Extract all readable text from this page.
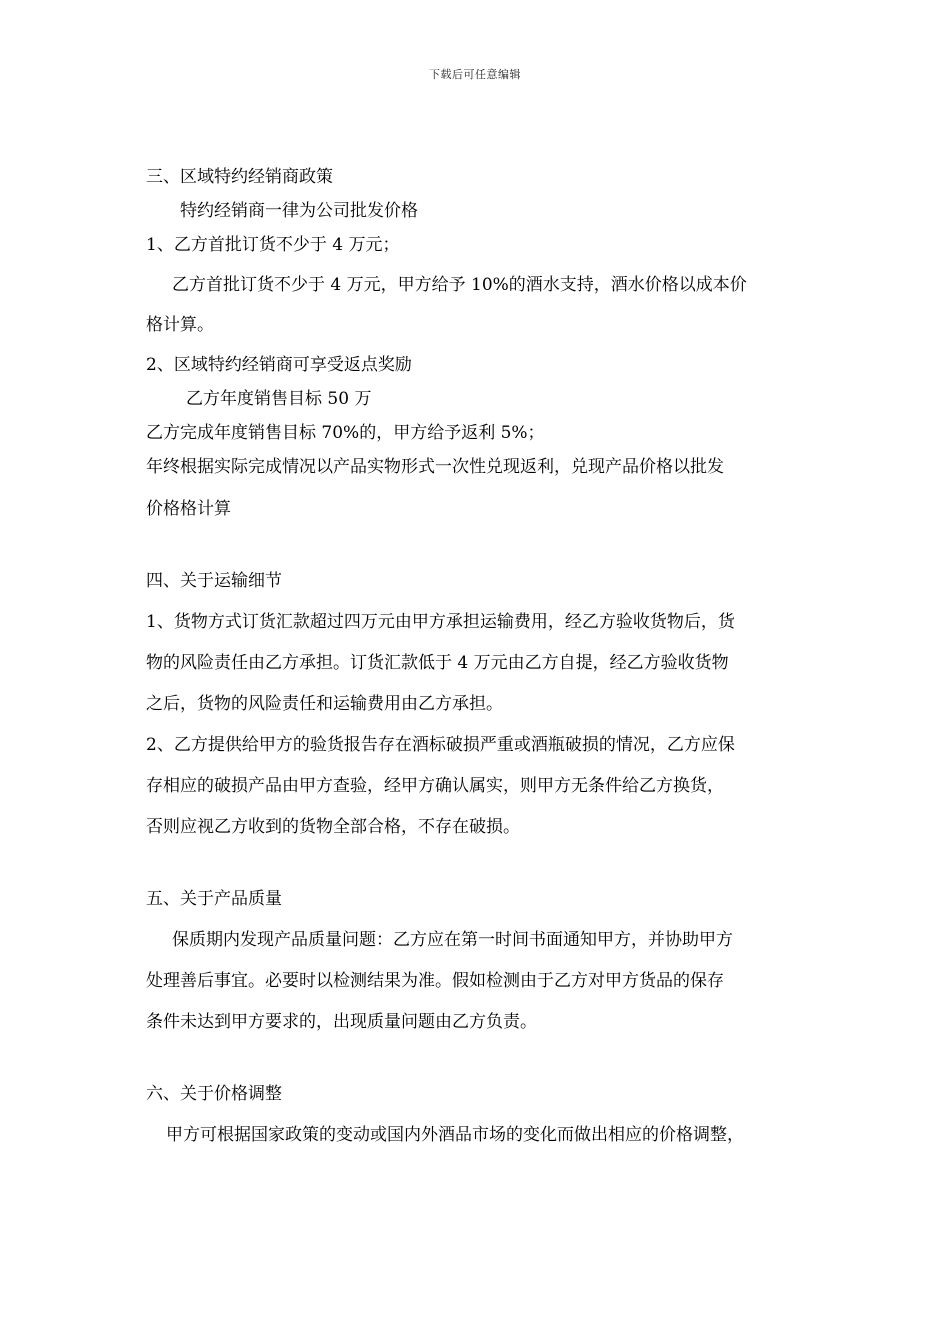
下载后可任意编辑
三、区域特约经销商政策
特约经销商一律为公司批发价格
1、乙方首批订货不少于 4 万元；
乙方首批订货不少于 4 万元，甲方给予 10%的酒水支持，酒水价格以成本价
格计算。
2、区域特约经销商可享受返点奖励
乙方年度销售目标 50 万
乙方完成年度销售目标 70%的，甲方给予返利 5%；
年终根据实际完成情况以产品实物形式一次性兑现返利，兑现产品价格以批发
价格格计算
四、关于运输细节
1、货物方式订货汇款超过四万元由甲方承担运输费用，经乙方验收货物后，货
物的风险责任由乙方承担。订货汇款低于 4 万元由乙方自提，经乙方验收货物
之后，货物的风险责任和运输费用由乙方承担。
2、乙方提供给甲方的验货报告存在酒标破损严重或酒瓶破损的情况，乙方应保
存相应的破损产品由甲方查验，经甲方确认属实，则甲方无条件给乙方换货，
否则应视乙方收到的货物全部合格，不存在破损。
五、关于产品质量
保质期内发现产品质量问题：乙方应在第一时间书面通知甲方，并协助甲方
处理善后事宜。必要时以检测结果为准。假如检测由于乙方对甲方货品的保存
条件未达到甲方要求的，出现质量问题由乙方负责。
六、关于价格调整
甲方可根据国家政策的变动或国内外酒品市场的变化而做出相应的价格调整，
